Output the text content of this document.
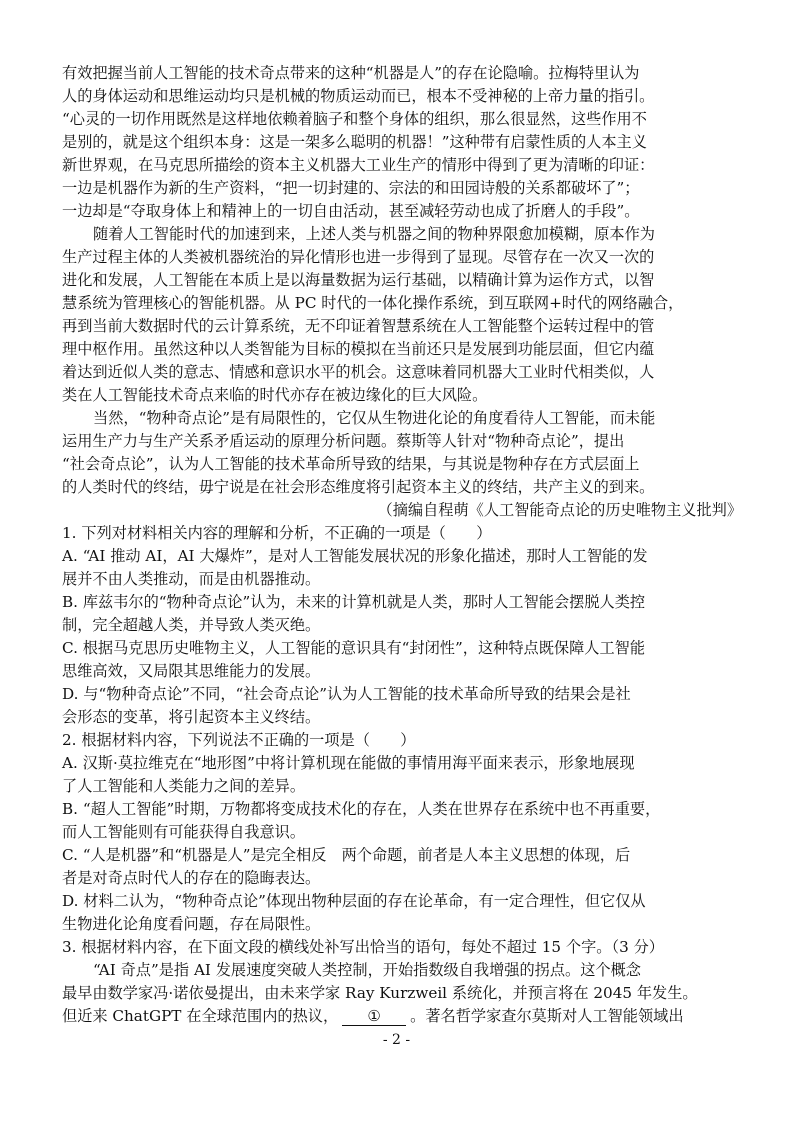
有效把握当前人工智能的技术奇点带来的这种“机器是人”的存在论隐喻。拉梅特里认为

人的身体运动和思维运动均只是机械的物质运动而已，根本不受神秘的上帝力量的指引。

“心灵的一切作用既然是这样地依赖着脑子和整个身体的组织，那么很显然，这些作用不

是别的，就是这个组织本身：这是一架多么聪明的机器！”这种带有启蒙性质的人本主义

新世界观，在马克思所描绘的资本主义机器大工业生产的情形中得到了更为清晰的印证：

一边是机器作为新的生产资料，“把一切封建的、宗法的和田园诗般的关系都破坏了”；

一边却是“夺取身体上和精神上的一切自由活动，甚至减轻劳动也成了折磨人的手段”。

随着人工智能时代的加速到来，上述人类与机器之间的物种界限愈加模糊，原本作为

生产过程主体的人类被机器统治的异化情形也进一步得到了显现。尽管存在一次又一次的

进化和发展，人工智能在本质上是以海量数据为运行基础，以精确计算为运作方式，以智

慧系统为管理核心的智能机器。从 PC 时代的一体化操作系统，到互联网+时代的网络融合，

再到当前大数据时代的云计算系统，无不印证着智慧系统在人工智能整个运转过程中的管

理中枢作用。虽然这种以人类智能为目标的模拟在当前还只是发展到功能层面，但它内蕴

着达到近似人类的意志、情感和意识水平的机会。这意味着同机器大工业时代相类似，人

类在人工智能技术奇点来临的时代亦存在被边缘化的巨大风险。

当然，“物种奇点论”是有局限性的，它仅从生物进化论的角度看待人工智能，而未能

运用生产力与生产关系矛盾运动的原理分析问题。蔡斯等人针对“物种奇点论”，提出

“社会奇点论”，认为人工智能的技术革命所导致的结果，与其说是物种存在方式层面上

的人类时代的终结，毋宁说是在社会形态维度将引起资本主义的终结，共产主义的到来。

（摘编自程萌《人工智能奇点论的历史唯物主义批判》

1. 下列对材料相关内容的理解和分析，不正确的一项是（　　）

A. “AI 推动 AI，AI 大爆炸”，是对人工智能发展状况的形象化描述，那时人工智能的发

展并不由人类推动，而是由机器推动。

B. 库兹韦尔的“物种奇点论”认为，未来的计算机就是人类，那时人工智能会摆脱人类控

制，完全超越人类，并导致人类灭绝。

C. 根据马克思历史唯物主义，人工智能的意识具有“封闭性”，这种特点既保障人工智能

思维高效，又局限其思维能力的发展。

D. 与“物种奇点论”不同，“社会奇点论”认为人工智能的技术革命所导致的结果会是社

会形态的变革，将引起资本主义终结。

2. 根据材料内容，下列说法不正确的一项是（　　）

A. 汉斯·莫拉维克在“地形图”中将计算机现在能做的事情用海平面来表示，形象地展现

了人工智能和人类能力之间的差异。

B. “超人工智能”时期，万物都将变成技术化的存在，人类在世界存在系统中也不再重要，

而人工智能则有可能获得自我意识。

C. “人是机器”和“机器是人”是完全相反　两个命题，前者是人本主义思想的体现，后

者是对奇点时代人的存在的隐晦表达。

D. 材料二认为，“物种奇点论”体现出物种层面的存在论革命，有一定合理性，但它仅从

生物进化论角度看问题，存在局限性。

3. 根据材料内容，在下面文段的横线处补写出恰当的语句，每处不超过 15 个字。（3 分）

“AI 奇点”是指 AI 发展速度突破人类控制，开始指数级自我增强的拐点。这个概念

最早由数学家冯·诺依曼提出，由未来学家 Ray Kurzweil 系统化，并预言将在 2045 年发生。

但近来 ChatGPT 在全球范围内的热议， ① 。著名哲学家查尔莫斯对人工智能领域出

- 2 -
